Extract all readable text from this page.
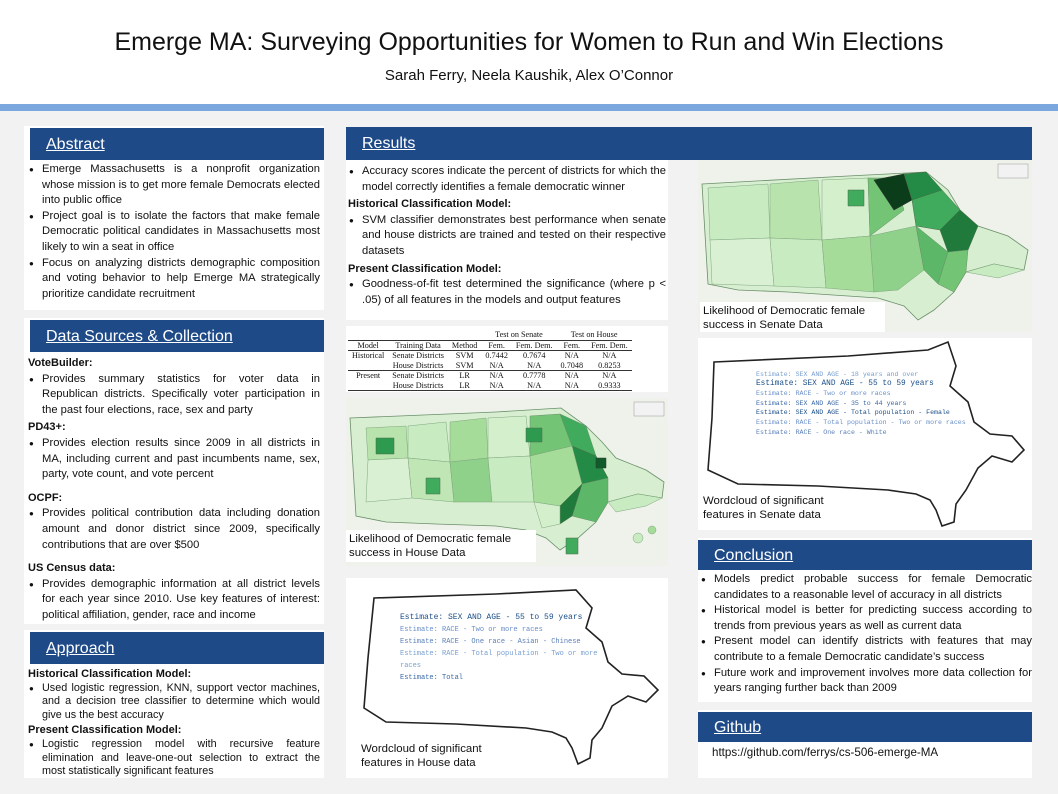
Emerge MA: Surveying Opportunities for Women to Run and Win Elections
Sarah Ferry, Neela Kaushik, Alex O’Connor
Abstract
● Emerge Massachusetts is a nonprofit organization whose mission is to get more female Democrats elected into public office
● Project goal is to isolate the factors that make female Democratic political candidates in Massachusetts most likely to win a seat in office
● Focus on analyzing districts demographic composition and voting behavior to help Emerge MA strategically prioritize candidate recruitment
Data Sources & Collection
VoteBuilder:
● Provides summary statistics for voter data in Republican districts. Specifically voter participation in the past four elections, race, sex and party
PD43+:
● Provides election results since 2009 in all districts in MA, including current and past incumbents name, sex, party, vote count, and vote percent
OCPF:
● Provides political contribution data including donation amount and donor district since 2009, specifically contributions that are over $500
US Census data:
● Provides demographic information at all district levels for each year since 2010. Use key features of interest: political affiliation, gender, race and income
Approach
Historical Classification Model:
● Used logistic regression, KNN, support vector machines, and a decision tree classifier to determine which would give us the best accuracy
Present Classification Model:
● Logistic regression model with recursive feature elimination and leave-one-out selection to extract the most statistically significant features
Results
● Accuracy scores indicate the percent of districts for which the model correctly identifies a female democratic winner
Historical Classification Model:
● SVM classifier demonstrates best performance when senate and house districts are trained and tested on their respective datasets
Present Classification Model:
● Goodness-of-fit test determined the significance (where p < .05) of all features in the models and output features
			Test on Senate		Test on House	
Model	Training Data	Method	Fem.	Fem. Dem.	Fem.	Fem. Dem.
Historical	Senate Districts	SVM	0.7442	0.7674	N/A	N/A
	House Districts	SVM	N/A	N/A	0.7048	0.8253
Present	Senate Districts	LR	N/A	0.7778	N/A	N/A
	House Districts	LR	N/A	N/A	N/A	0.9333
Likelihood of Democratic female success in House Data
Estimate: SEX AND AGE - 55 to 59 years
Estimate: RACE - Two or more races
Estimate: RACE - One race - Asian - Chinese
Estimate: RACE - Total population - Two or more races
Estimate: Total
Wordcloud of significant features in House data
Likelihood of Democratic female success in Senate Data
Estimate: SEX AND AGE - 18 years and over
Estimate: SEX AND AGE - 55 to 59 years
Estimate: RACE - Two or more races
Estimate: SEX AND AGE - 35 to 44 years
Estimate: SEX AND AGE - Total population - Female
Estimate: RACE - Total population - Two or more races
Estimate: RACE - One race - White
Wordcloud of significant features in Senate data
Conclusion
● Models predict probable success for female Democratic candidates to a reasonable level of accuracy in all districts
● Historical model is better for predicting success according to trends from previous years as well as current data
● Present model can identify districts with features that may contribute to a female Democratic candidate’s success
● Future work and improvement involves more data collection for years ranging further back than 2009
Github
https://github.com/ferrys/cs-506-emerge-MA
